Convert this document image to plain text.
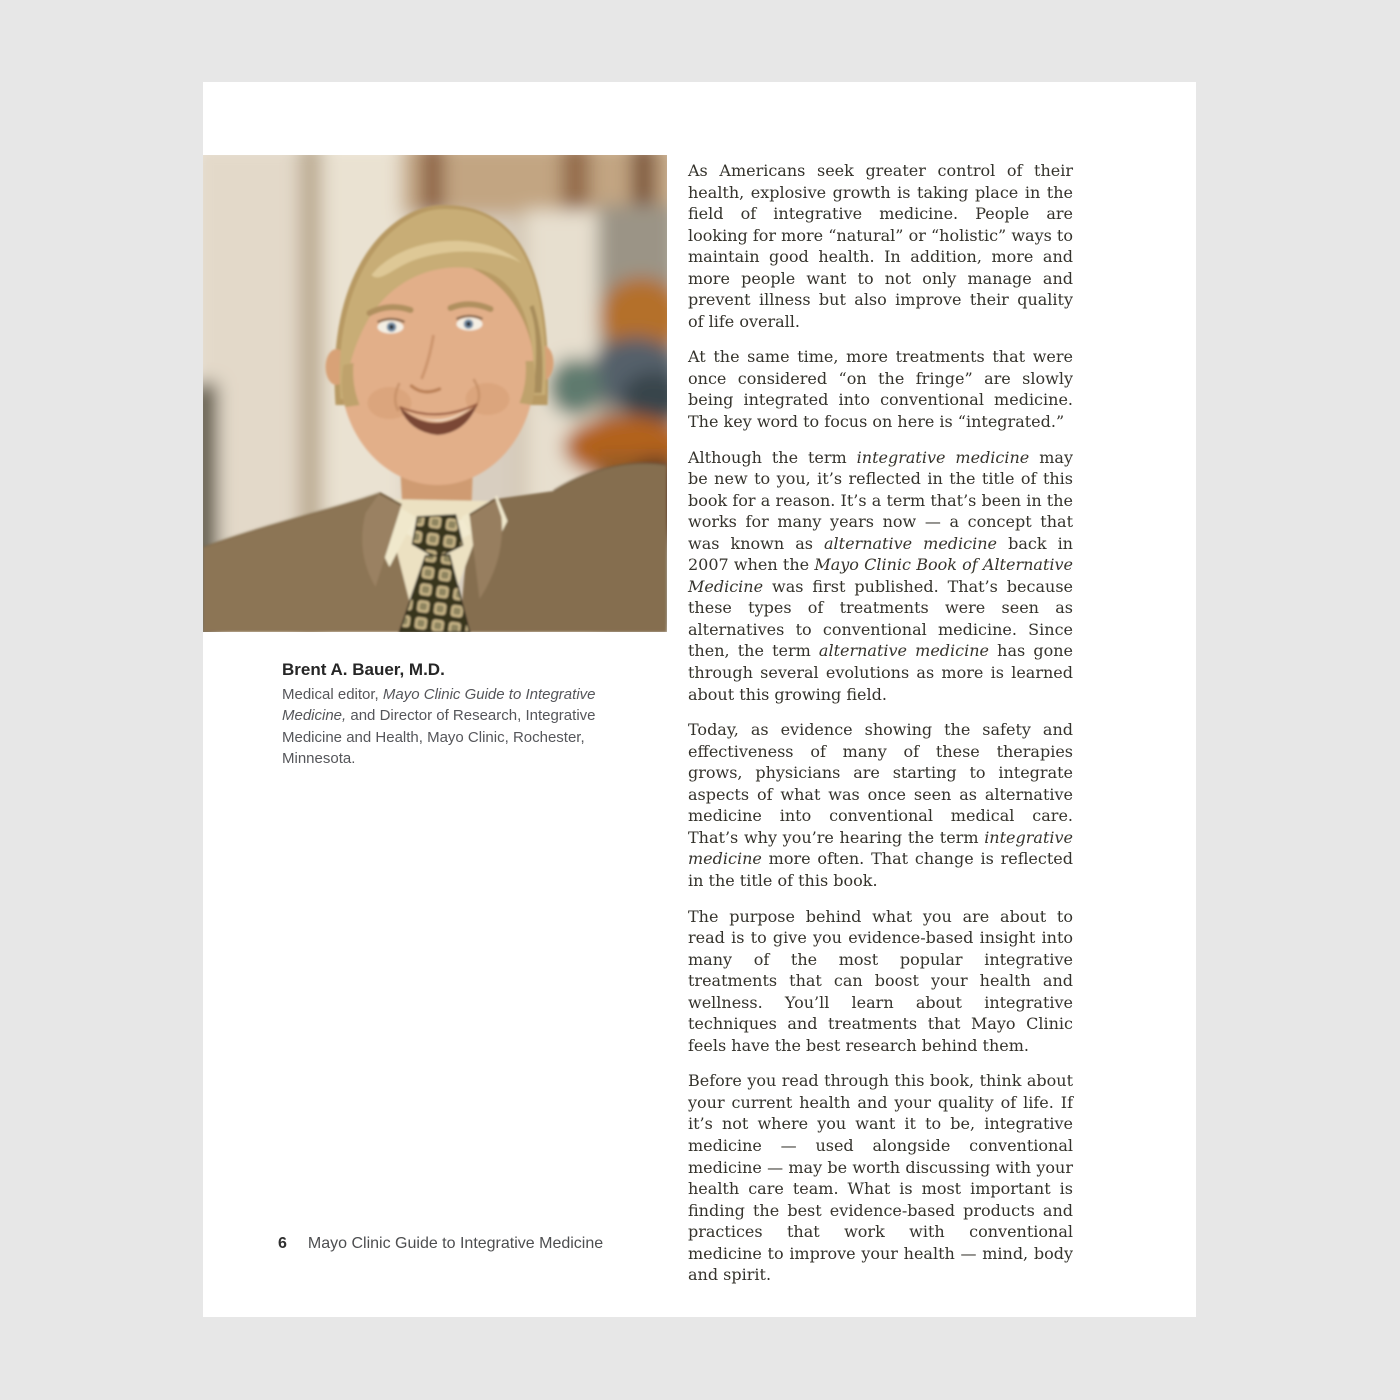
Brent A. Bauer, M.D.
Medical editor, Mayo Clinic Guide to Integrative Medicine, and Director of Research, Integrative Medicine and Health, Mayo Clinic, Rochester, Minnesota.

As Americans seek greater control of their health, explosive growth is taking place in the field of integrative medicine. People are looking for more “natural” or “holistic” ways to maintain good health. In addition, more and more people want to not only manage and prevent illness but also improve their quality of life overall.

At the same time, more treatments that were once considered “on the fringe” are slowly being integrated into conventional medicine. The key word to focus on here is “integrated.”

Although the term integrative medicine may be new to you, it’s reflected in the title of this book for a reason. It’s a term that’s been in the works for many years now — a concept that was known as alternative medicine back in 2007 when the Mayo Clinic Book of Alternative Medicine was first published. That’s because these types of treatments were seen as alternatives to conventional medicine. Since then, the term alternative medicine has gone through several evolutions as more is learned about this growing field.

Today, as evidence showing the safety and effectiveness of many of these therapies grows, physicians are starting to integrate aspects of what was once seen as alternative medicine into conventional medical care. That’s why you’re hearing the term integrative medicine more often. That change is reflected in the title of this book.

The purpose behind what you are about to read is to give you evidence-based insight into many of the most popular integrative treatments that can boost your health and wellness. You’ll learn about integrative techniques and treatments that Mayo Clinic feels have the best research behind them.

Before you read through this book, think about your current health and your quality of life. If it’s not where you want it to be, integrative medicine — used alongside conventional medicine — may be worth discussing with your health care team. What is most important is finding the best evidence-based products and practices that work with conventional medicine to improve your health — mind, body and spirit.

6 Mayo Clinic Guide to Integrative Medicine
